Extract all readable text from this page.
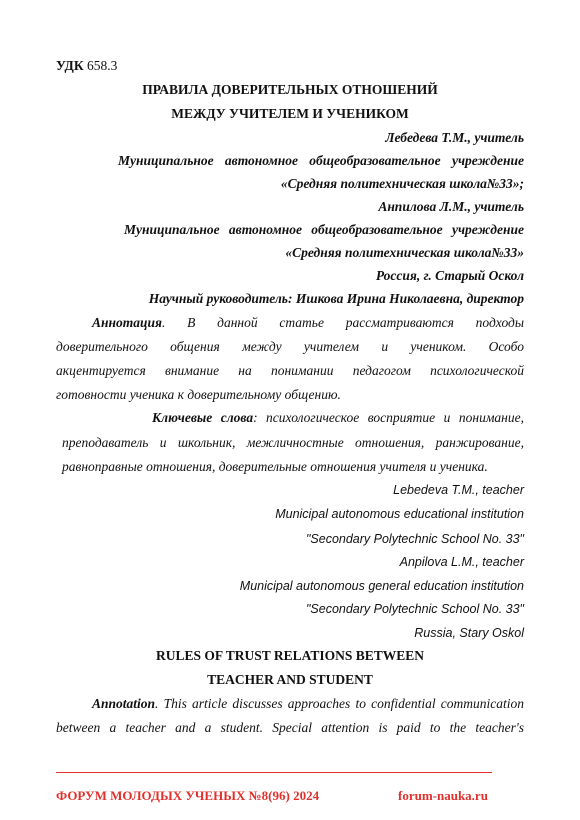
УДК 658.3
ПРАВИЛА ДОВЕРИТЕЛЬНЫХ ОТНОШЕНИЙ
МЕЖДУ УЧИТЕЛЕМ И УЧЕНИКОМ
Лебедева Т.М., учитель
Муниципальное автономное общеобразовательное учреждение
«Средняя политехническая школа№33»;
Анпилова Л.М., учитель
Муниципальное автономное общеобразовательное учреждение
«Средняя политехническая школа№33»
Россия, г. Старый Оскол
Научный руководитель: Ишкова Ирина Николаевна, директор
Аннотация. В данной статье рассматриваются подходы
доверительного общения между учителем и учеником. Особо
акцентируется внимание на понимании педагогом психологической
готовности ученика к доверительному общению.
Ключевые слова: психологическое восприятие и понимание,
преподаватель и школьник, межличностные отношения, ранжирование,
равноправные отношения, доверительные отношения учителя и ученика.
Lebedeva T.M., teacher
Municipal autonomous educational institution
"Secondary Polytechnic School No. 33"
Anpilova L.M., teacher
Municipal autonomous general education institution
"Secondary Polytechnic School No. 33"
Russia, Stary Oskol
RULES OF TRUST RELATIONS BETWEEN
TEACHER AND STUDENT
Annotation. This article discusses approaches to confidential communication
between a teacher and a student. Special attention is paid to the teacher's
ФОРУМ МОЛОДЫХ УЧЕНЫХ №8(96) 2024	forum-nauka.ru
